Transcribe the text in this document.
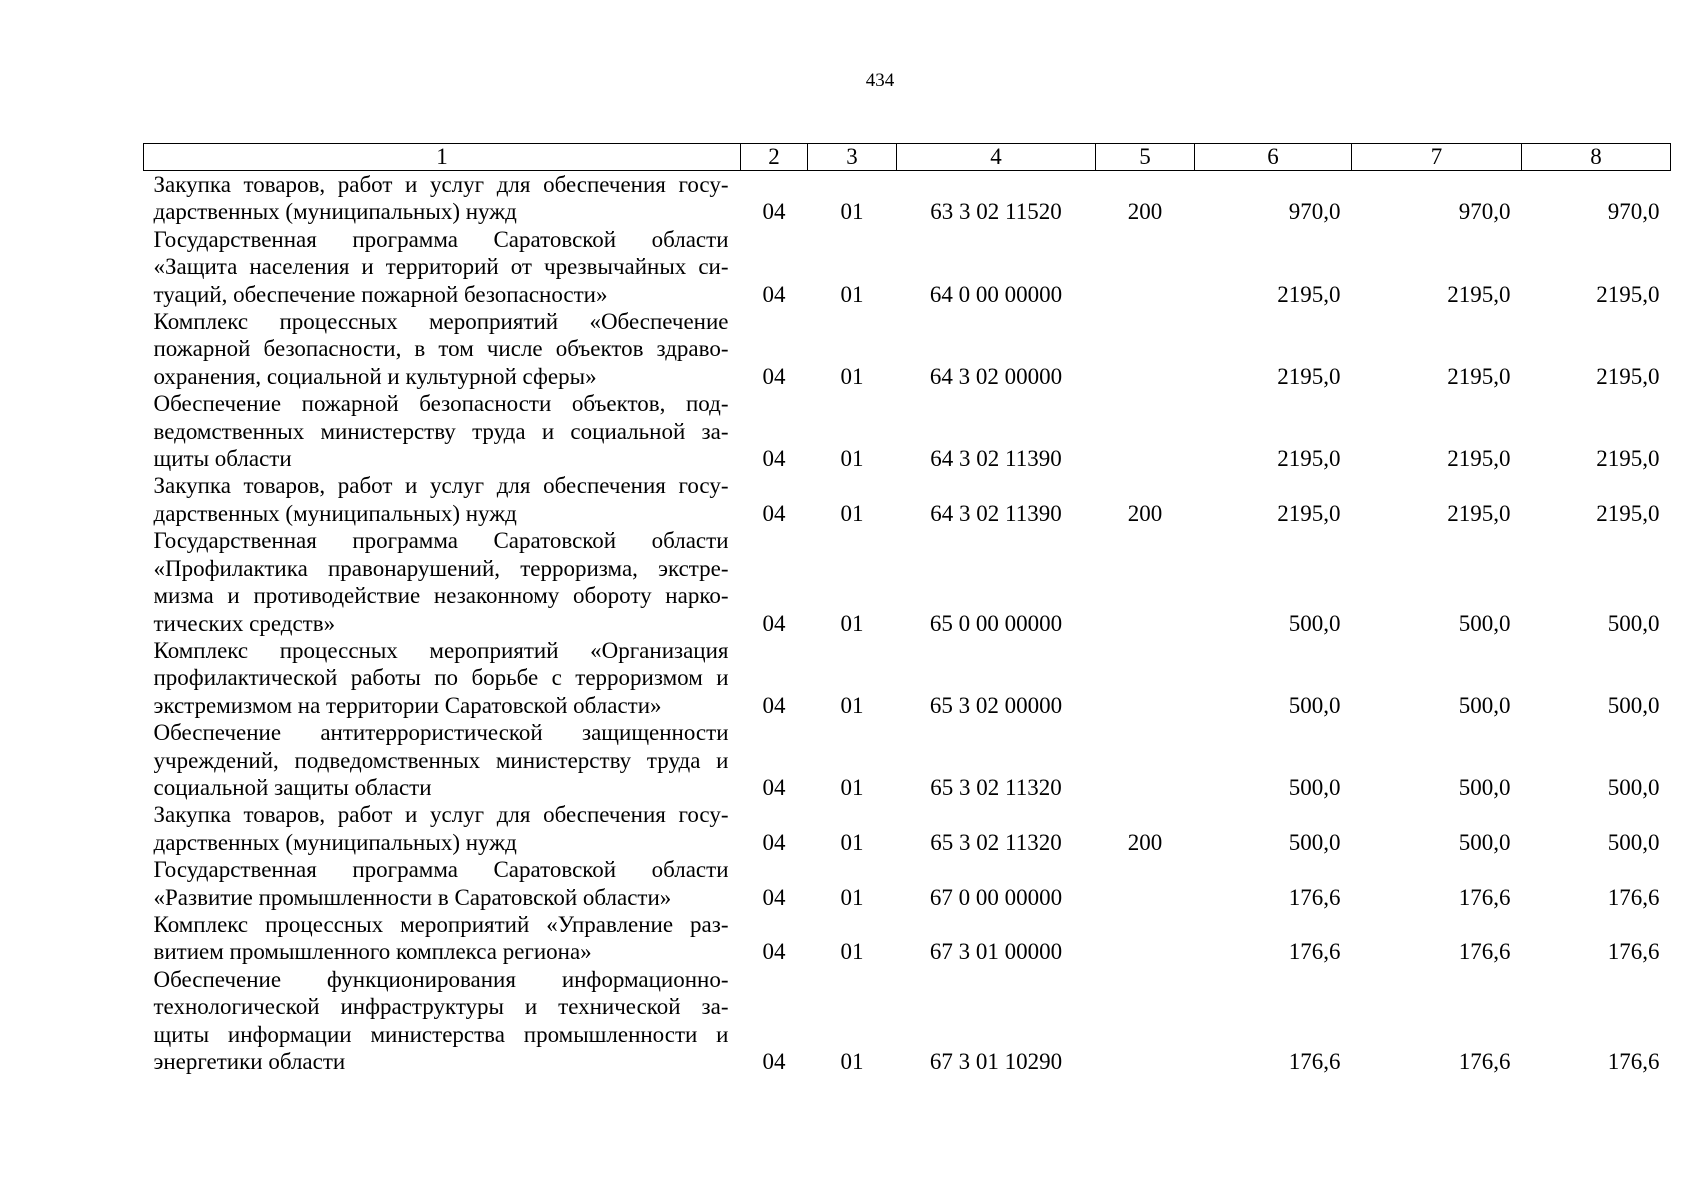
434
1	2	3	4	5	6	7	8
Закупка товаров, работ и услуг для обеспечения госу- дарственных (муниципальных) нужд	04	01	63 3 02 11520	200	970,0	970,0	970,0
Государственная программа Саратовской области «Защита населения и территорий от чрезвычайных си- туаций, обеспечение пожарной безопасности»	04	01	64 0 00 00000		2195,0	2195,0	2195,0
Комплекс процессных мероприятий «Обеспечение пожарной безопасности, в том числе объектов здраво- охранения, социальной и культурной сферы»	04	01	64 3 02 00000		2195,0	2195,0	2195,0
Обеспечение пожарной безопасности объектов, под- ведомственных министерству труда и социальной за- щиты области	04	01	64 3 02 11390		2195,0	2195,0	2195,0
Закупка товаров, работ и услуг для обеспечения госу- дарственных (муниципальных) нужд	04	01	64 3 02 11390	200	2195,0	2195,0	2195,0
Государственная программа Саратовской области «Профилактика правонарушений, терроризма, экстре- мизма и противодействие незаконному обороту нарко- тических средств»	04	01	65 0 00 00000		500,0	500,0	500,0
Комплекс процессных мероприятий «Организация профилактической работы по борьбе с терроризмом и экстремизмом на территории Саратовской области»	04	01	65 3 02 00000		500,0	500,0	500,0
Обеспечение антитеррористической защищенности учреждений, подведомственных министерству труда и социальной защиты области	04	01	65 3 02 11320		500,0	500,0	500,0
Закупка товаров, работ и услуг для обеспечения госу- дарственных (муниципальных) нужд	04	01	65 3 02 11320	200	500,0	500,0	500,0
Государственная программа Саратовской области «Развитие промышленности в Саратовской области»	04	01	67 0 00 00000		176,6	176,6	176,6
Комплекс процессных мероприятий «Управление раз- витием промышленного комплекса региона»	04	01	67 3 01 00000		176,6	176,6	176,6
Обеспечение функционирования информационно- технологической инфраструктуры и технической за- щиты информации министерства промышленности и энергетики области	04	01	67 3 01 10290		176,6	176,6	176,6
